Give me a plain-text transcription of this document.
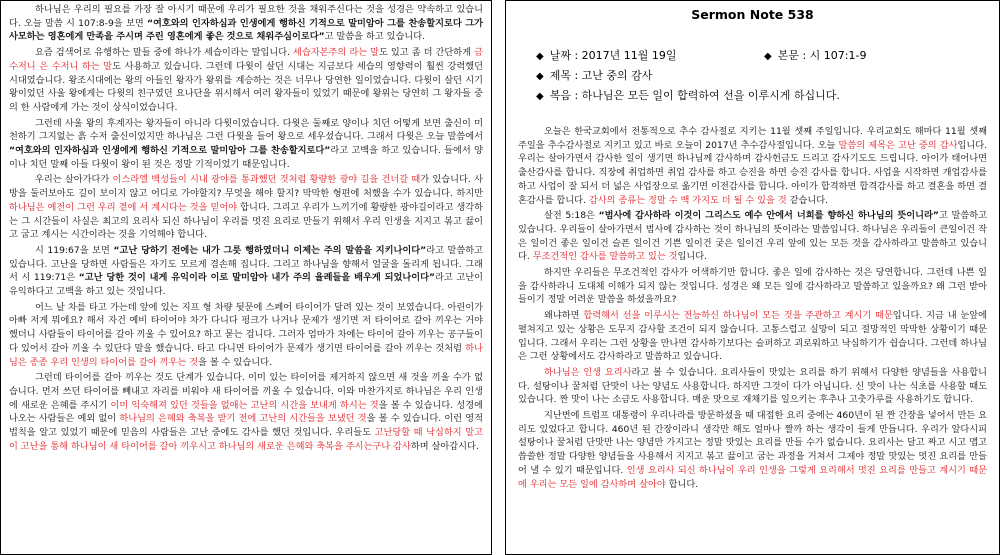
하나님은 우리의 필요를 가장 잘 아시기 때문에 우리가 필요한 것을 채워주신다는 것을 성경은 약속하고 있습니다. 오늘 말씀 시 107:8-9을 보면 “여호와의 인자하심과 인생에게 행하신 기적으로 말미암아 그를 찬송할지로다 그가 사모하는 영혼에게 만족을 주시며 주린 영혼에게 좋은 것으로 채워주심이로다”고 말씀을 하고 있습니다.

요즘 검색어로 유행하는 말들 중에 하나가 세습이라는 말입니다. 세습자본주의 라는 말도 있고 좀 더 간단하게 금 수저니 은 수저니 하는 말도 사용하고 있습니다. 그런데 다윗이 살던 시대는 지금보다 세습의 영향력이 훨씬 강력했던 시대였습니다. 왕조시대에는 왕의 아들인 왕자가 왕위를 계승하는 것은 너무나 당연한 일이었습니다. 다윗이 살던 시기 왕이었던 사울 왕에게는 다윗의 친구였던 요나단을 위시해서 여러 왕자들이 있었기 때문에 왕위는 당연히 그 왕자들 중의 한 사람에게 가는 것이 상식이었습니다.

그런데 사울 왕의 후계자는 왕자들이 아니라 다윗이었습니다. 다윗은 둘째로 양이나 치던 어떻게 보면 출신이 미천하기 그지없는 흙 수저 출신이었지만 하나님은 그런 다윗을 들어 왕으로 세우셨습니다. 그래서 다윗은 오늘 말씀에서 “여호와의 인자하심과 인생에게 행하신 기적으로 말미암아 그를 찬송할지로다”라고 고백을 하고 있습니다. 들에서 양이나 치던 말째 아들 다윗이 왕이 된 것은 정말 기적이었기 때문입니다.

우리는 살아가다가 이스라엘 백성들이 시내 광야를 통과했던 것처럼 황량한 광야 길을 건너갈 때가 있습니다. 사방을 둘러보아도 길이 보이지 않고 어디로 가야할지? 무엇을 해야 할지? 막막한 형편에 처했을 수가 있습니다. 하지만 하나님은 예전이 그런 우리 곁에 서 계시다는 것을 믿어야 합니다. 그리고 우리가 느끼기에 황량한 광야길이라고 생각하는 그 시간들이 사실은 최고의 요리사 되신 하나님이 우리를 멋진 요리로 만들기 위해서 우리 인생을 지지고 볶고 끓이고 굽고 계시는 시간이라는 것을 기억해야 합니다.

시 119:67을 보면 “고난 당하기 전에는 내가 그릇 행하였더니 이제는 주의 말씀을 지키나이다”라고 말씀하고 있습니다. 고난을 당하면 사람들은 자기도 모르게 겸손해 집니다. 그리고 하나님을 향해서 얼굴을 돌리게 됩니다. 그래서 시 119:71은 “고난 당한 것이 내게 유익이라 이로 말미암아 내가 주의 율례들을 배우게 되었나이다”라고 고난이 유익하다고 고백을 하고 있는 것입니다.

어느 날 차를 타고 가는데 앞에 있는 지프 형 차량 뒷문에 스페어 타이어가 달려 있는 것이 보였습니다. 아린이가 아빠 저게 뭐에요? 해서 자건 예비 타이어야 차가 다니다 펑크가 나거나 문제가 생기면 저 타이어로 갈아 끼우는 거야 했더니 사람들이 타이어를 갈아 끼울 수 있어요? 하고 묻는 겁니다. 그러자 엄마가 차에는 타이어 갈아 끼우는 공구들이 다 있어서 갈아 끼울 수 있단다 말을 했습니다. 타고 다니면 타이어가 문제가 생기면 타이어를 갈아 끼우는 것처럼 하나님은 종종 우리 인생의 타이어를 갈아 끼우는 것을 볼 수 있습니다.

그런데 타이어를 갈아 끼우는 것도 단계가 있습니다. 이미 있는 타이어를 제거하지 않으면 새 것을 끼울 수가 없습니다. 먼저 쓰던 타이어를 빼내고 자리를 비워야 새 타이어를 끼울 수 있습니다. 이와 마찬가지로 하나님은 우리 인생에 새로운 은혜를 주시기 이미 익숙해져 있던 것들을 없애는 고난의 시간을 보내게 하시는 것을 볼 수 있습니다. 성경에 나오는 사람들은 예외 없이 하나님의 은혜와 축복을 받기 전에 고난의 시간들을 보냈던 것을 볼 수 있습니다. 이런 영적 법칙을 알고 있었기 때문에 믿음의 사람들은 고난 중에도 감사를 했던 것입니다. 우리들도 고난당할 때 낙심하지 말고 이 고난을 통해 하나님이 새 타이어를 갈아 끼우시고 하나님의 새로운 은혜와 축복을 주시는구나 감사하며 살아갑시다.

Sermon Note 538
◆ 날짜 : 2017년 11월 19일	◆ 본문 : 시 107:1-9
◆ 제목 : 고난 중의 감사
◆ 복음 : 하나님은 모든 일이 합력하여 선을 이루시게 하십니다.

오늘은 한국교회에서 전통적으로 추수 감사절로 지키는 11월 셋째 주일입니다. 우리교회도 해마다 11월 셋째 주일을 추수감사절로 지키고 있고 바로 오늘이 2017년 추수감사절입니다. 오늘 말씀의 제목은 고난 중의 감사입니다. 우리는 살아가면서 감사한 일이 생기면 하나님께 감사하며 감사헌금도 드리고 감사기도도 드립니다. 아이가 태어나면 출산감사를 합니다. 직장에 취업하면 취업 감사를 하고 승진을 하면 승진 감사를 합니다. 사업을 시작하면 개업감사를 하고 사업이 잘 되서 더 넓은 사업장으로 옮기면 이전감사를 합니다. 아이가 합격하면 합격감사를 하고 결혼을 하면 결혼감사를 합니다. 감사의 종류는 정말 수 백 가지도 더 될 수 있을 것 같습니다.

살전 5:18은 “범사에 감사하라 이것이 그리스도 예수 안에서 너희를 향하신 하나님의 뜻이니라”고 말씀하고 있습니다. 우리들이 살아가면서 범사에 감사하는 것이 하나님의 뜻이라는 말씀입니다. 하나님은 우리들이 큰일이건 작은 일이건 좋은 일이건 슬픈 일이건 기쁜 일이건 궂은 일이건 우리 앞에 있는 모든 것을 감사하라고 말씀하고 있습니다. 무조건적인 감사를 말씀하고 있는 것입니다.

하지만 우리들은 무조건적인 감사가 어색하기만 합니다. 좋은 일에 감사하는 것은 당연합니다. 그런데 나쁜 일을 감사하라니 도대체 이해가 되지 않는 것입니다. 성경은 왜 모든 일에 감사하라고 말씀하고 있을까요? 왜 그런 받아들이기 정말 어려운 말씀을 하셨을까요?

왜냐하면 합력해서 선을 이루시는 전능하신 하나님이 모든 것을 주관하고 계시기 때문입니다. 지금 내 눈앞에 펼쳐지고 있는 상황은 도무지 감사할 조건이 되지 않습니다. 고통스럽고 실망이 되고 절망적인 막막한 상황이기 때문입니다. 그래서 우리는 그런 상황을 만나면 감사하기보다는 슬퍼하고 괴로워하고 낙심하기가 쉽습니다. 그런데 하나님은 그런 상황에서도 감사하라고 말씀하고 있습니다.

하나님은 인생 요리사라고 볼 수 있습니다. 요리사들이 맛있는 요리를 하기 위해서 다양한 양념들을 사용합니다. 설탕이나 꿀처럼 단맛이 나는 양념도 사용합니다. 하지만 그것이 다가 아닙니다. 신 맛이 나는 식초를 사용할 때도 있습니다. 짠 맛이 나는 소금도 사용합니다. 매운 맛으로 재채기를 일으키는 후추나 고춧가루를 사용하기도 합니다.

지난번에 트럼프 대통령이 우리나라를 방문하셨을 때 대접한 요리 중에는 460년이 된 짠 간장을 넣어서 만든 요리도 있었다고 합니다. 460년 된 간장이라니 생각만 해도 얼마나 짤까 하는 생각이 들게 만듭니다. 우리가 알다시피 설탕이나 꿀처럼 단맛만 나는 양념만 가지고는 정말 맛있는 요리를 만들 수가 없습니다. 요리사는 달고 짜고 시고 맵고 씁쓸한 정말 다양한 양념들을 사용해서 지지고 볶고 끓이고 굽는 과정을 거쳐서 그제야 정말 맛있는 멋진 요리를 만들어 낼 수 있기 때문입니다. 인생 요리사 되신 하나님이 우리 인생을 그렇게 요리해서 멋진 요리를 만들고 계시기 때문에 우리는 모든 일에 감사하며 살아야 합니다.
